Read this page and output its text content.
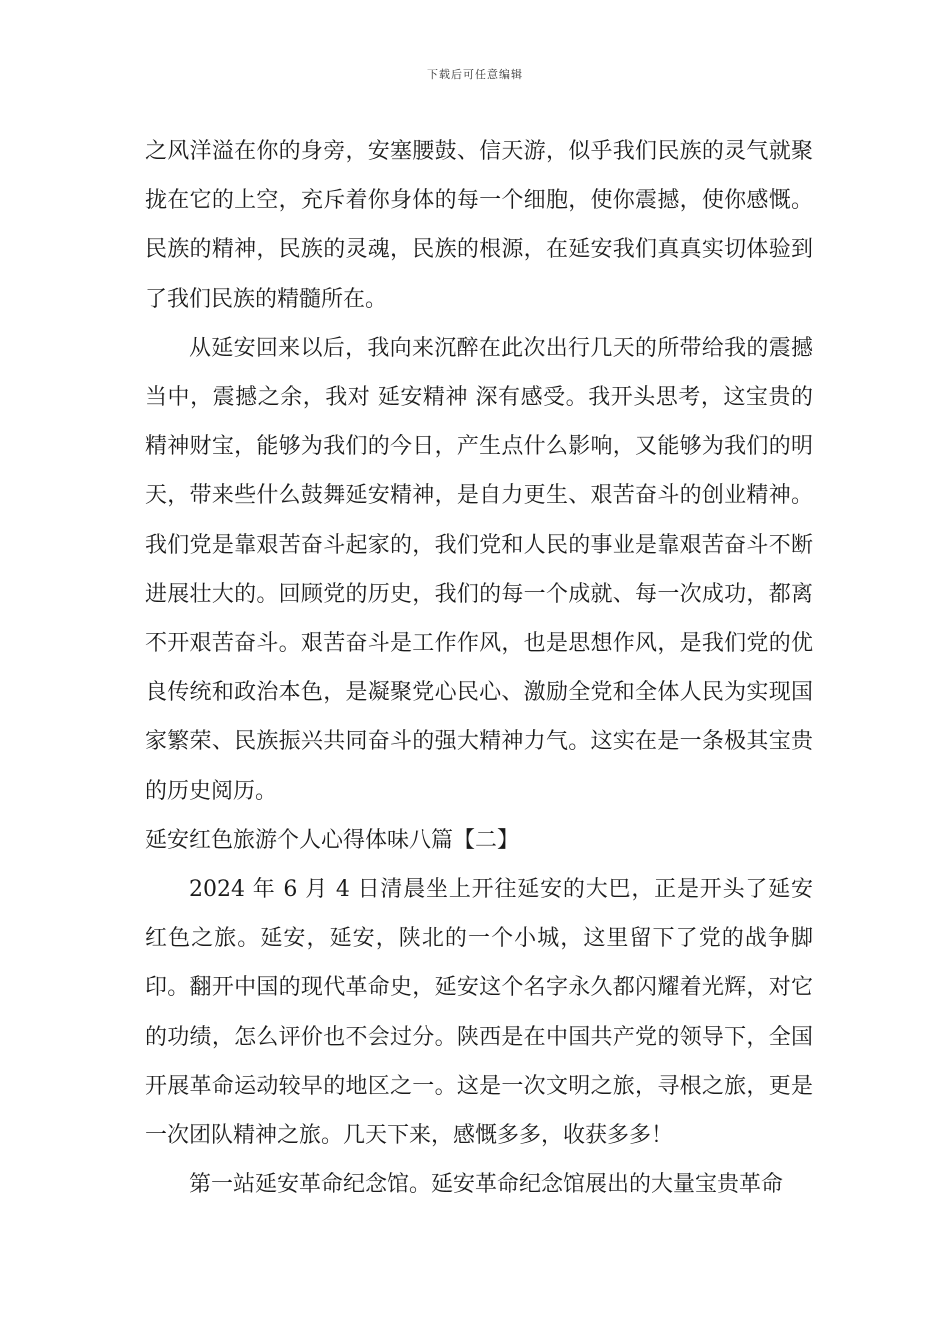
下载后可任意编辑

之风洋溢在你的身旁，安塞腰鼓、信天游，似乎我们民族的灵气就聚拢在它的上空，充斥着你身体的每一个细胞，使你震撼，使你感慨。民族的精神，民族的灵魂，民族的根源，在延安我们真真实切体验到了我们民族的精髓所在。

从延安回来以后，我向来沉醉在此次出行几天的所带给我的震撼当中，震撼之余，我对 延安精神 深有感受。我开头思考，这宝贵的精神财宝，能够为我们的今日，产生点什么影响，又能够为我们的明天，带来些什么鼓舞延安精神，是自力更生、艰苦奋斗的创业精神。我们党是靠艰苦奋斗起家的，我们党和人民的事业是靠艰苦奋斗不断进展壮大的。回顾党的历史，我们的每一个成就、每一次成功，都离不开艰苦奋斗。艰苦奋斗是工作作风，也是思想作风，是我们党的优良传统和政治本色，是凝聚党心民心、激励全党和全体人民为实现国家繁荣、民族振兴共同奋斗的强大精神力气。这实在是一条极其宝贵的历史阅历。

延安红色旅游个人心得体味八篇【二】

2024 年 6 月 4 日清晨坐上开往延安的大巴，正是开头了延安红色之旅。延安，延安，陕北的一个小城，这里留下了党的战争脚印。翻开中国的现代革命史，延安这个名字永久都闪耀着光辉，对它的功绩，怎么评价也不会过分。陕西是在中国共产党的领导下，全国开展革命运动较早的地区之一。这是一次文明之旅，寻根之旅，更是一次团队精神之旅。几天下来，感慨多多，收获多多！

第一站延安革命纪念馆。延安革命纪念馆展出的大量宝贵革命
